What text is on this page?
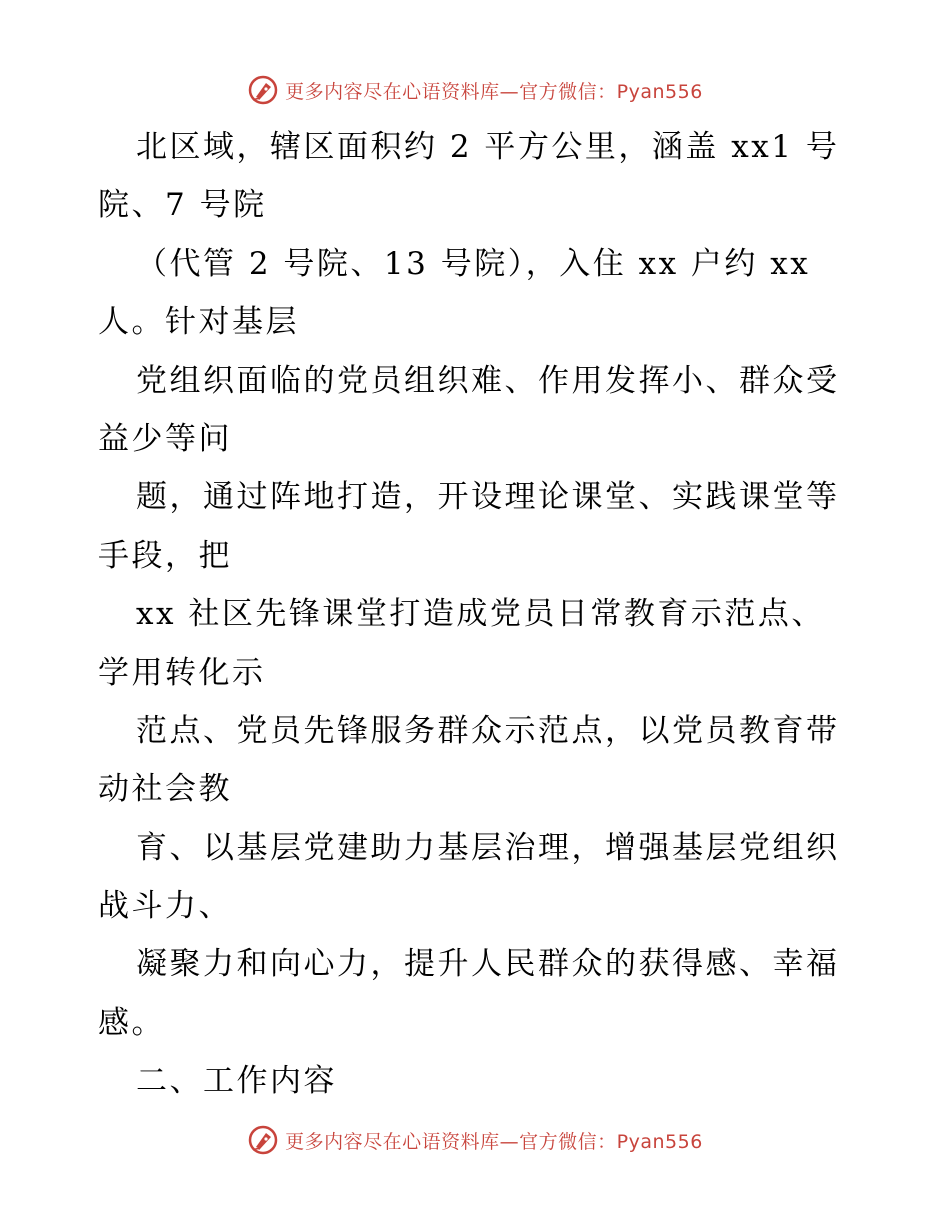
更多内容尽在心语资料库—官方微信：Pyan556
北区域，辖区面积约 2 平方公里，涵盖 xx1 号
院、7 号院
（代管 2 号院、13 号院），入住 xx 户约 xx
人。针对基层
党组织面临的党员组织难、作用发挥小、群众受
益少等问
题，通过阵地打造，开设理论课堂、实践课堂等
手段，把
xx 社区先锋课堂打造成党员日常教育示范点、
学用转化示
范点、党员先锋服务群众示范点，以党员教育带
动社会教
育、以基层党建助力基层治理，增强基层党组织
战斗力、
凝聚力和向心力，提升人民群众的获得感、幸福
感。
二、工作内容
更多内容尽在心语资料库—官方微信：Pyan556
